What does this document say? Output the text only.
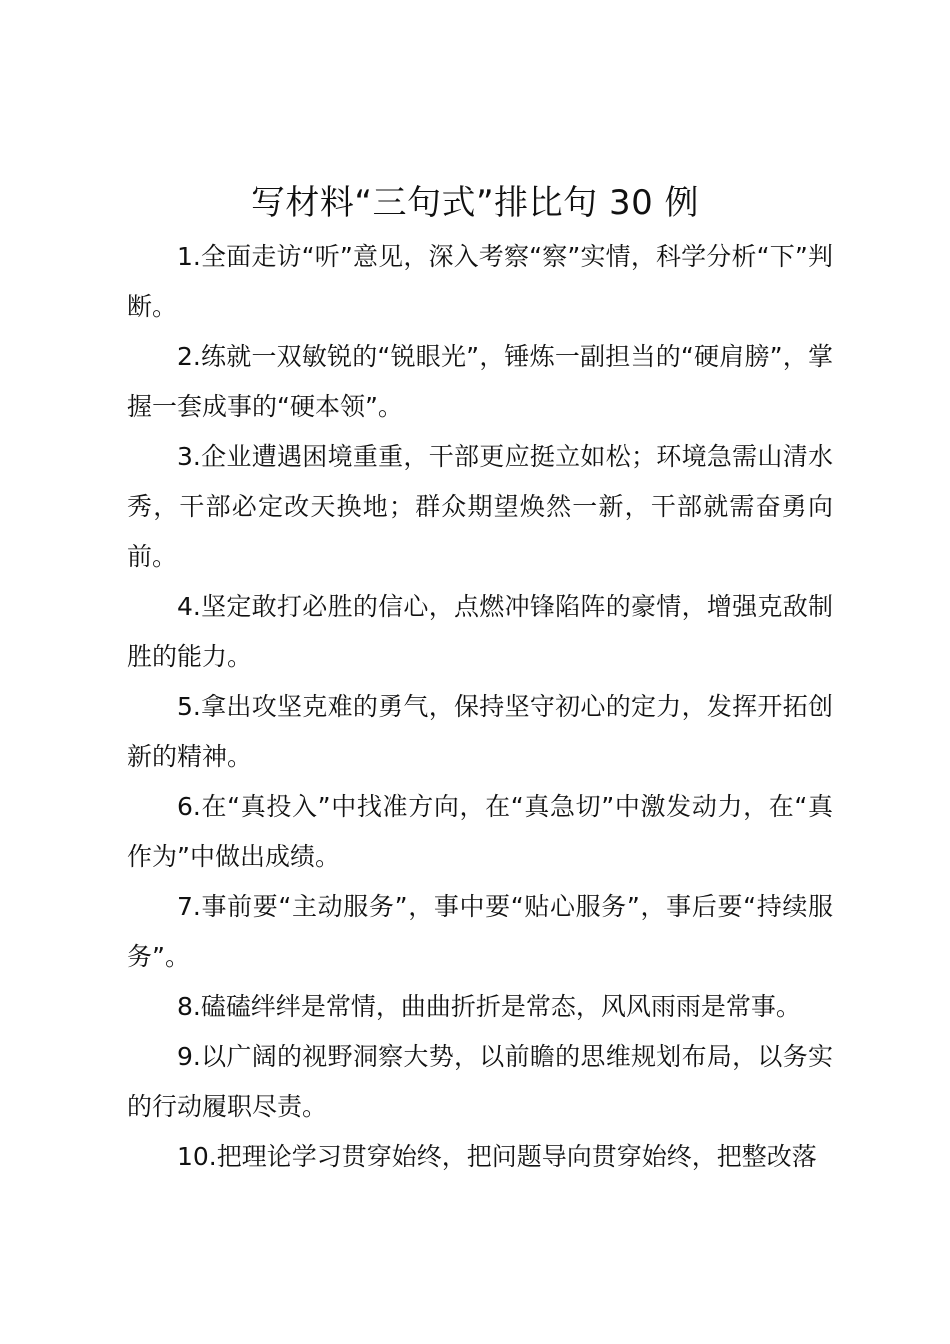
写材料“三句式”排比句 30 例

1.全面走访“听”意见，深入考察“察”实情，科学分析“下”判断。

2.练就一双敏锐的“锐眼光”，锤炼一副担当的“硬肩膀”，掌握一套成事的“硬本领”。

3.企业遭遇困境重重，干部更应挺立如松；环境急需山清水秀，干部必定改天换地；群众期望焕然一新，干部就需奋勇向前。

4.坚定敢打必胜的信心，点燃冲锋陷阵的豪情，增强克敌制胜的能力。

5.拿出攻坚克难的勇气，保持坚守初心的定力，发挥开拓创新的精神。

6.在“真投入”中找准方向，在“真急切”中激发动力，在“真作为”中做出成绩。

7.事前要“主动服务”，事中要“贴心服务”，事后要“持续服务”。

8.磕磕绊绊是常情，曲曲折折是常态，风风雨雨是常事。

9.以广阔的视野洞察大势，以前瞻的思维规划布局，以务实的行动履职尽责。

10.把理论学习贯穿始终，把问题导向贯穿始终，把整改落
